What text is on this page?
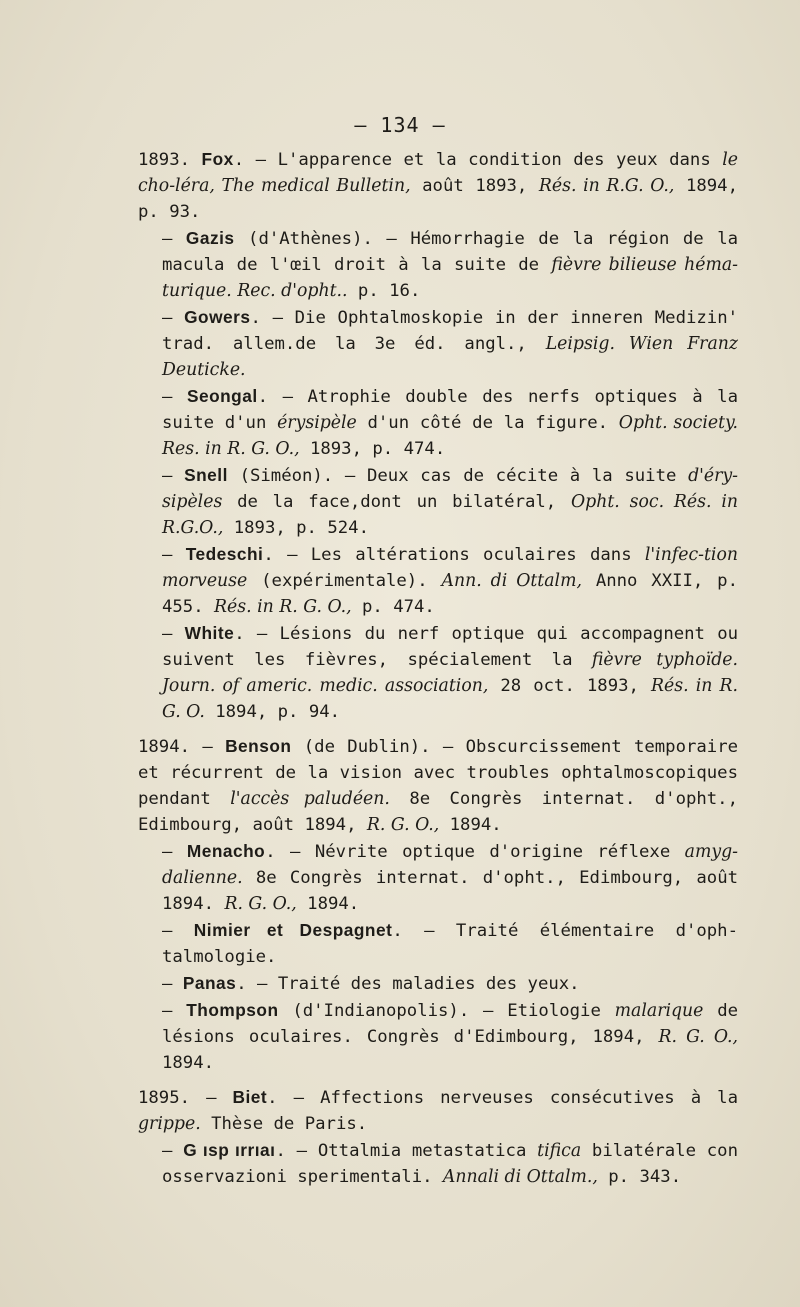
— 134 —

1893. Fox. — L'apparence et la condition des yeux dans le cho-léra, The medical Bulletin, août 1893, Rés. in R.G. O., 1894, p. 93.

— Gazis (d'Athènes). — Hémorrhagie de la région de la macula de l'œil droit à la suite de fièvre bilieuse héma-turique. Rec. d'opht.. p. 16.

— Gowers. — Die Ophtalmoskopie in der inneren Medizin' trad. allem.de la 3e éd. angl., Leipsig. Wien Franz Deuticke.

— Seongal. — Atrophie double des nerfs optiques à la suite d'un érysipèle d'un côté de la figure. Opht. society. Res. in R. G. O., 1893, p. 474.

— Snell (Siméon). — Deux cas de cécite à la suite d'éry-sipèles de la face,dont un bilatéral, Opht. soc. Rés. in R.G.O., 1893, p. 524.

— Tedeschi. — Les altérations oculaires dans l'infec-tion morveuse (expérimentale). Ann. di Ottalm, Anno XXII, p. 455. Rés. in R. G. O., p. 474.

— White. — Lésions du nerf optique qui accompagnent ou suivent les fièvres, spécialement la fièvre typhoïde. Journ. of americ. medic. association, 28 oct. 1893, Rés. in R. G. O. 1894, p. 94.

1894. — Benson (de Dublin). — Obscurcissement temporaire et récurrent de la vision avec troubles ophtalmoscopiques pendant l'accès paludéen. 8e Congrès internat. d'opht., Edimbourg, août 1894, R. G. O., 1894.

— Menacho. — Névrite optique d'origine réflexe amyg-dalienne. 8e Congrès internat. d'opht., Edimbourg, août 1894. R. G. O., 1894.

— Nimier et Despagnet. — Traité élémentaire d'oph-talmologie.

— Panas. — Traité des maladies des yeux.

— Thompson (d'Indianopolis). — Etiologie malarique de lésions oculaires. Congrès d'Edimbourg, 1894, R. G. O., 1894.

1895. — Biet. — Affections nerveuses consécutives à la grippe. Thèse de Paris.

— G ısp ırrıaı. — Ottalmia metastatica tifica bilatérale con osservazioni sperimentali. Annali di Ottalm., p. 343.
